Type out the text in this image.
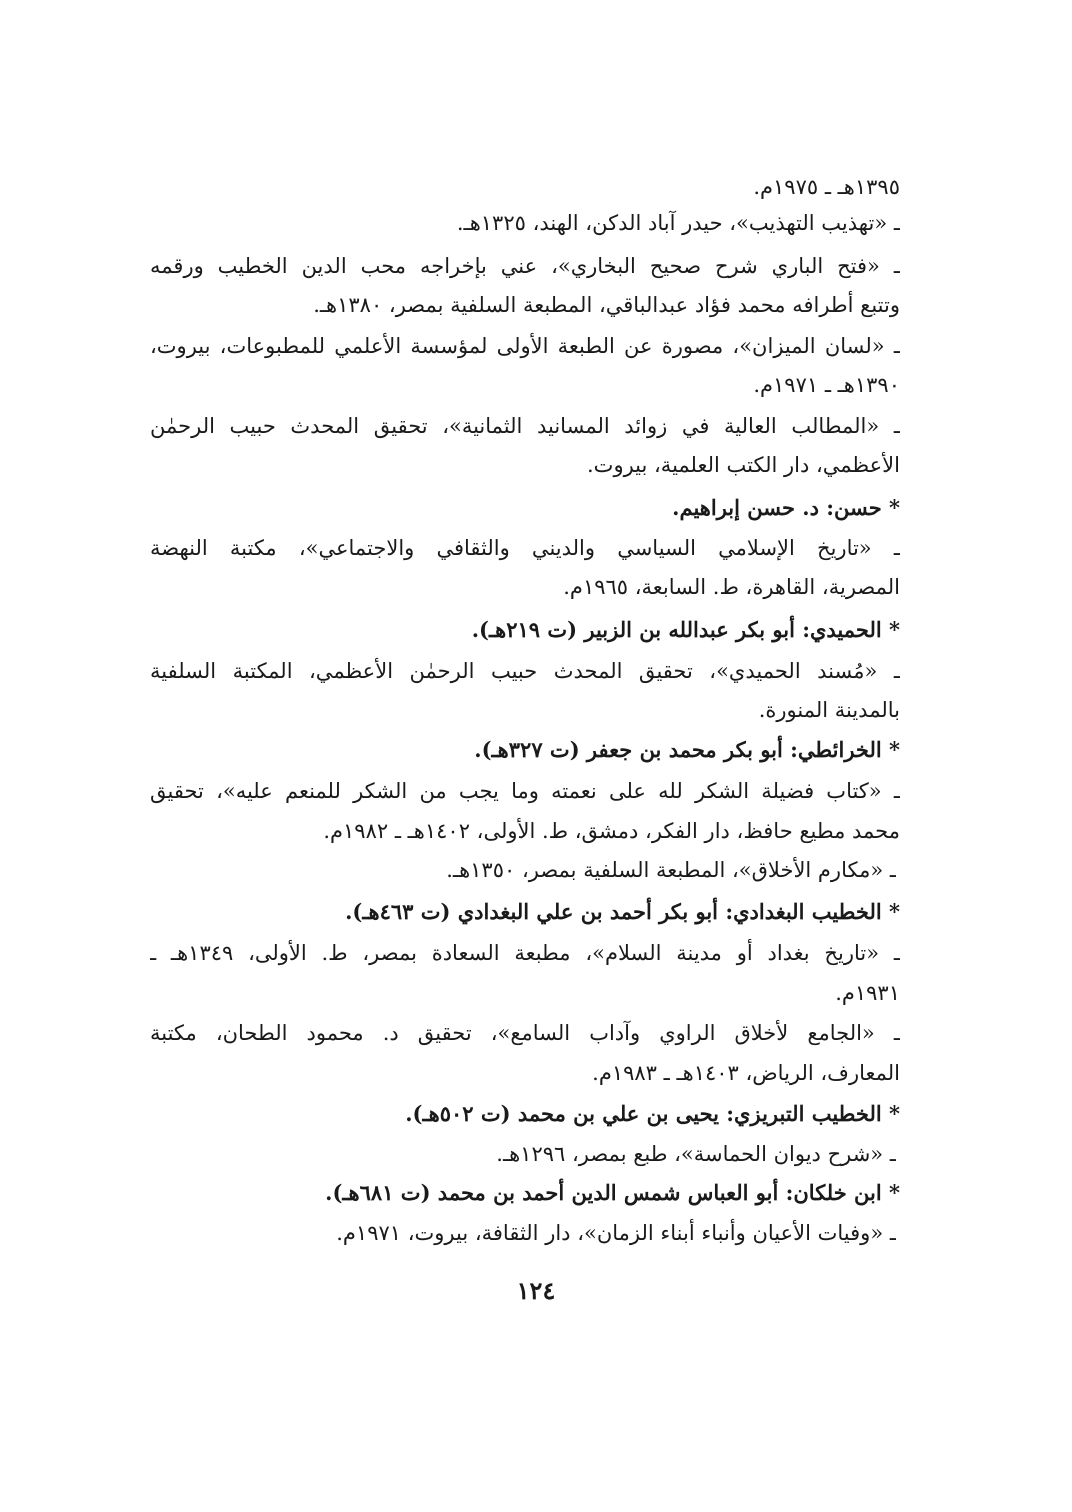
١٣٩٥هـ ـ ١٩٧٥م.
ـ «تهذيب التهذيب»، حيدر آباد الدكن، الهند، ١٣٢٥هـ.
ـ «فتح الباري شرح صحيح البخاري»، عني بإخراجه محب الدين الخطيب ورقمه
وتتبع أطرافه محمد فؤاد عبدالباقي، المطبعة السلفية بمصر، ١٣٨٠هـ.
ـ «لسان الميزان»، مصورة عن الطبعة الأولى لمؤسسة الأعلمي للمطبوعات، بيروت،
١٣٩٠هـ ـ ١٩٧١م.
ـ «المطالب العالية في زوائد المسانيد الثمانية»، تحقيق المحدث حبيب الرحمٰن
الأعظمي، دار الكتب العلمية، بيروت.
* حسن: د. حسن إبراهيم.
ـ «تاريخ الإسلامي السياسي والديني والثقافي والاجتماعي»، مكتبة النهضة
المصرية، القاهرة، ط. السابعة، ١٩٦٥م.
* الحميدي: أبو بكر عبدالله بن الزبير (ت ٢١٩هـ).
ـ «مُسند الحميدي»، تحقيق المحدث حبيب الرحمٰن الأعظمي، المكتبة السلفية
بالمدينة المنورة.
* الخرائطي: أبو بكر محمد بن جعفر (ت ٣٢٧هـ).
ـ «كتاب فضيلة الشكر لله على نعمته وما يجب من الشكر للمنعم عليه»، تحقيق
محمد مطيع حافظ، دار الفكر، دمشق، ط. الأولى، ١٤٠٢هـ ـ ١٩٨٢م.
ـ «مكارم الأخلاق»، المطبعة السلفية بمصر، ١٣٥٠هـ.
* الخطيب البغدادي: أبو بكر أحمد بن علي البغدادي (ت ٤٦٣هـ).
ـ «تاريخ بغداد أو مدينة السلام»، مطبعة السعادة بمصر، ط. الأولى، ١٣٤٩هـ ـ
١٩٣١م.
ـ «الجامع لأخلاق الراوي وآداب السامع»، تحقيق د. محمود الطحان، مكتبة
المعارف، الرياض، ١٤٠٣هـ ـ ١٩٨٣م.
* الخطيب التبريزي: يحيى بن علي بن محمد (ت ٥٠٢هـ).
ـ «شرح ديوان الحماسة»، طبع بمصر، ١٢٩٦هـ.
* ابن خلكان: أبو العباس شمس الدين أحمد بن محمد (ت ٦٨١هـ).
ـ «وفيات الأعيان وأنباء أبناء الزمان»، دار الثقافة، بيروت، ١٩٧١م.
١٢٤
